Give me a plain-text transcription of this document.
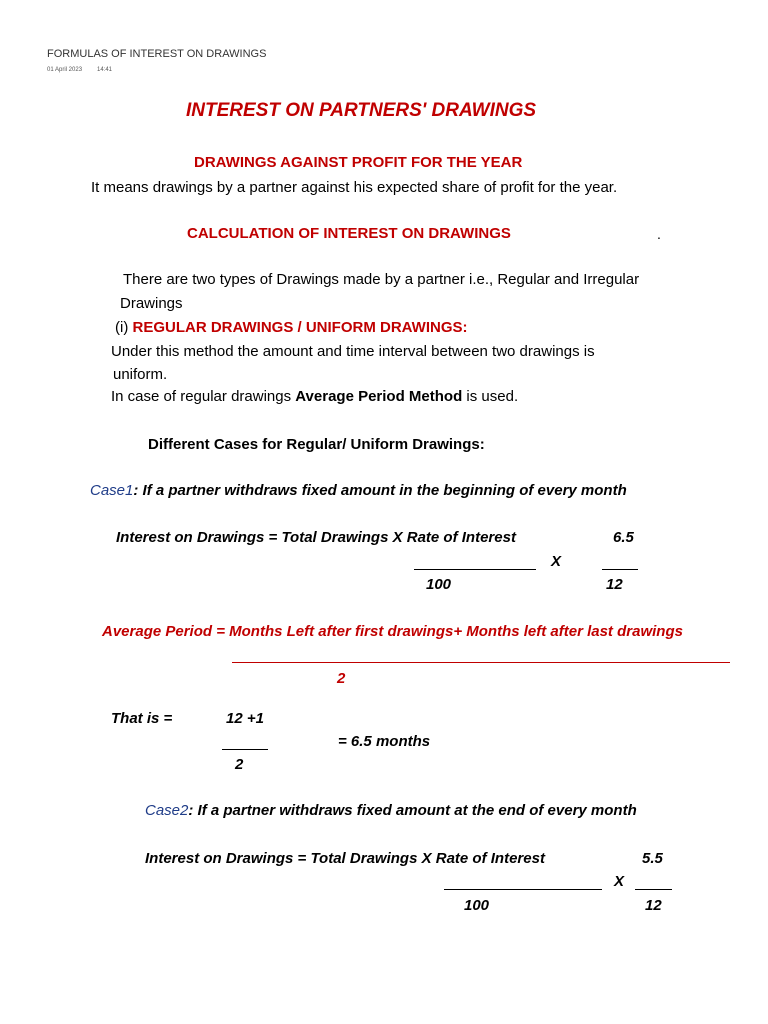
FORMULAS OF INTEREST ON DRAWINGS
01 April 2023 14:41
INTEREST ON PARTNERS' DRAWINGS
DRAWINGS AGAINST PROFIT FOR THE YEAR
It means drawings by a partner against his expected share of profit for the year.
CALCULATION OF INTEREST ON DRAWINGS	.
There are two types of Drawings made by a partner i.e., Regular and Irregular
Drawings
(i) REGULAR DRAWINGS / UNIFORM DRAWINGS:
Under this method the amount and time interval between two drawings is
uniform.
In case of regular drawings Average Period Method is used.
Different Cases for Regular/ Uniform Drawings:
Case1: If a partner withdraws fixed amount in the beginning of every month
Interest on Drawings = Total Drawings X Rate of Interest	6.5
X
100	12
Average Period = Months Left after first drawings+ Months left after last drawings
2
That is =	12 +1
= 6.5 months
2
Case2: If a partner withdraws fixed amount at the end of every month
Interest on Drawings = Total Drawings X Rate of Interest	5.5
X
100	12
